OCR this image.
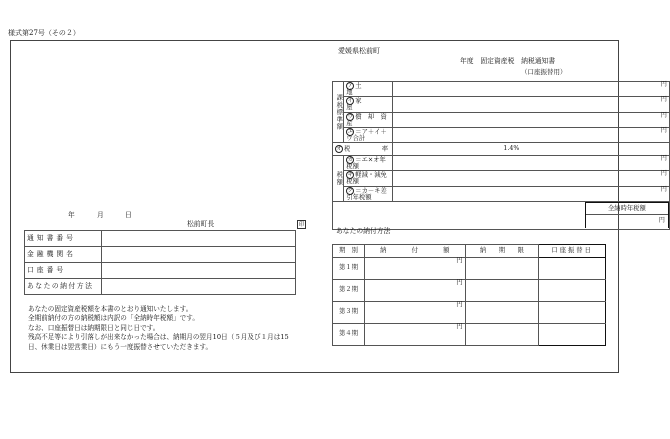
様式第27号（その２）
愛媛県松前町
年度　固定資産税　納税通知書
（口座振替用）
課税標準額	ア 土　　　　　　地	円
	イ 家　　　　　　屋	円
	ウ 償　却　資　産	円
	エ ＝ア＋イ＋ウ合計	円
オ 税　　　　　率		1.4%
税額	カ ＝エ×オ年税額	円
	キ 軽減・減免税額	円
	ク ＝カ－キ差引年税額	円

		全納時年税額
円
年	月	日
松前町長	印
通知書番号	
金融機関名	
口座番号	
あなたの納付方法	
あなたの納付方法
期　別	納　　　　付　　　　額	納　　期　　限	口座振替日
第１期	円		
第２期	円		
第３期	円		
第４期	円		
あなたの固定資産税額を本書のとおり通知いたします。
全期前納付の方の納税額は内訳の「全納時年税額」です。
なお、口座振替日は納期限日と同じ日です。
残高不足等により引落しが出来なかった場合は、納期月の翌月10日（５月及び１月は15
日、休業日は翌営業日）にもう一度振替させていただきます。
